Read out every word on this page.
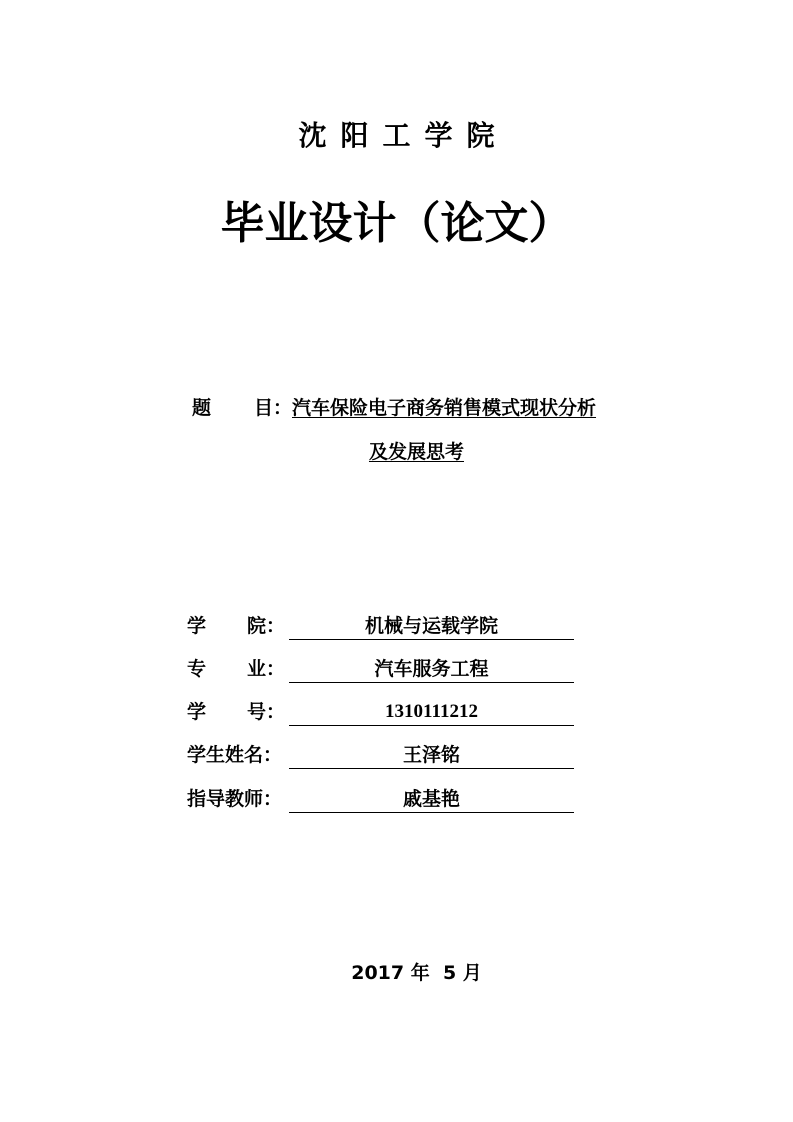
沈阳工学院
毕业设计（论文）
题 目： 汽车保险电子商务销售模式现状分析
及发展思考
学 院：	机械与运载学院
专 业：	汽车服务工程
学 号：	1310111212
学生姓名：	王泽铭
指导教师：	戚基艳
2017 年  5 月
